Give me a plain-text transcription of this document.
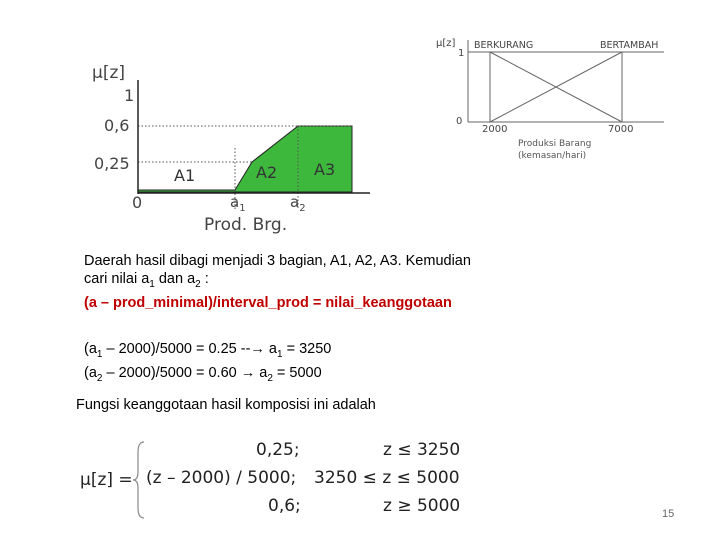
μ[z]
1
0,6
0,25
0
A1	A2 A3
$a_1$	$a_2$
Prod. Brg.
μ[z]
1
0
BERKURANG	BERTAMBAH
2000	7000
Produksi Barang
(kemasan/hari)
Daerah hasil dibagi menjadi 3 bagian, A1, A2, A3. Kemudian
cari nilai $a_1$ dan $a_2$ :
(a – prod_minimal)/interval_prod = nilai_keanggotaan
$(a_1 - 2000)/5000 = 0.25$ --→ $a_1 = 3250$
$(a_2 - 2000)/5000 = 0.60 \to a_2 = 5000$
Fungsi keanggotaan hasil komposisi ini adalah
μ[z] =
0,25;	z ≤ 3250
(z – 2000) / 5000; 3250 ≤ z ≤ 5000
0,6;	z ≥ 5000	15
